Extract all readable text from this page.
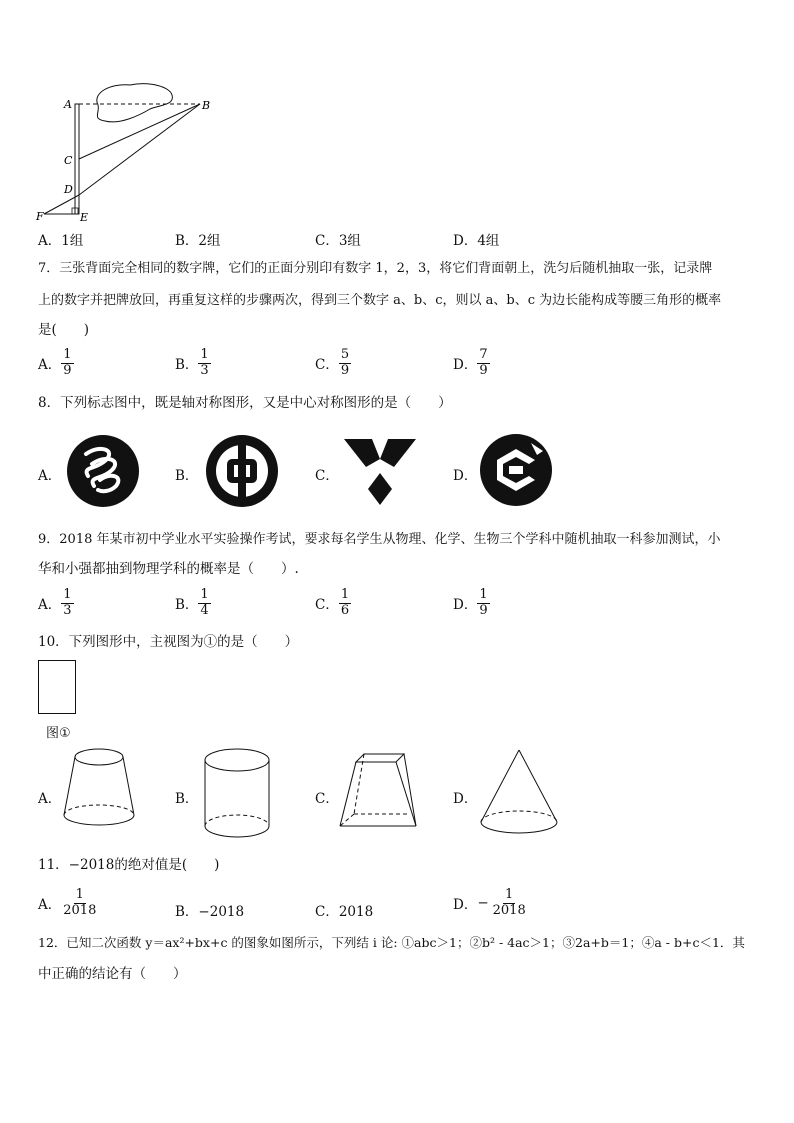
A	B
C
D
E
F
A．1组	B．2组	C．3组	D．4组
7．三张背面完全相同的数字牌，它们的正面分别印有数字 1，2，3，将它们背面朝上，洗匀后随机抽取一张，记录牌
上的数字并把牌放回，再重复这样的步骤两次，得到三个数字 a、b、c，则以 a、b、c 为边长能构成等腰三角形的概率
是(　　)
A． $\frac{1}{9}$	B． $\frac{1}{3}$	C． $\frac{5}{9}$	D． $\frac{7}{9}$
8．下列标志图中，既是轴对称图形，又是中心对称图形的是（　　）
A．	B．	C．	D．
9．2018 年某市初中学业水平实验操作考试，要求每名学生从物理、化学、生物三个学科中随机抽取一科参加测试，小
华和小强都抽到物理学科的概率是（　　）.
A． $\frac{1}{3}$	B． $\frac{1}{4}$	C． $\frac{1}{6}$	D． $\frac{1}{9}$
10．下列图形中，主视图为①的是（　　）
图①
A．	B．	C．	D．
11．−2018的绝对值是(　　)
A． $\frac{1}{2018}$	B．−2018	C．2018	D． − $\frac{1}{2018}$
12．已知二次函数 y＝ax²+bx+c 的图象如图所示，下列结 i 论: ①abc＞1；②b² - 4ac＞1；③2a+b＝1；④a - b+c＜1．其
中正确的结论有（　　）
